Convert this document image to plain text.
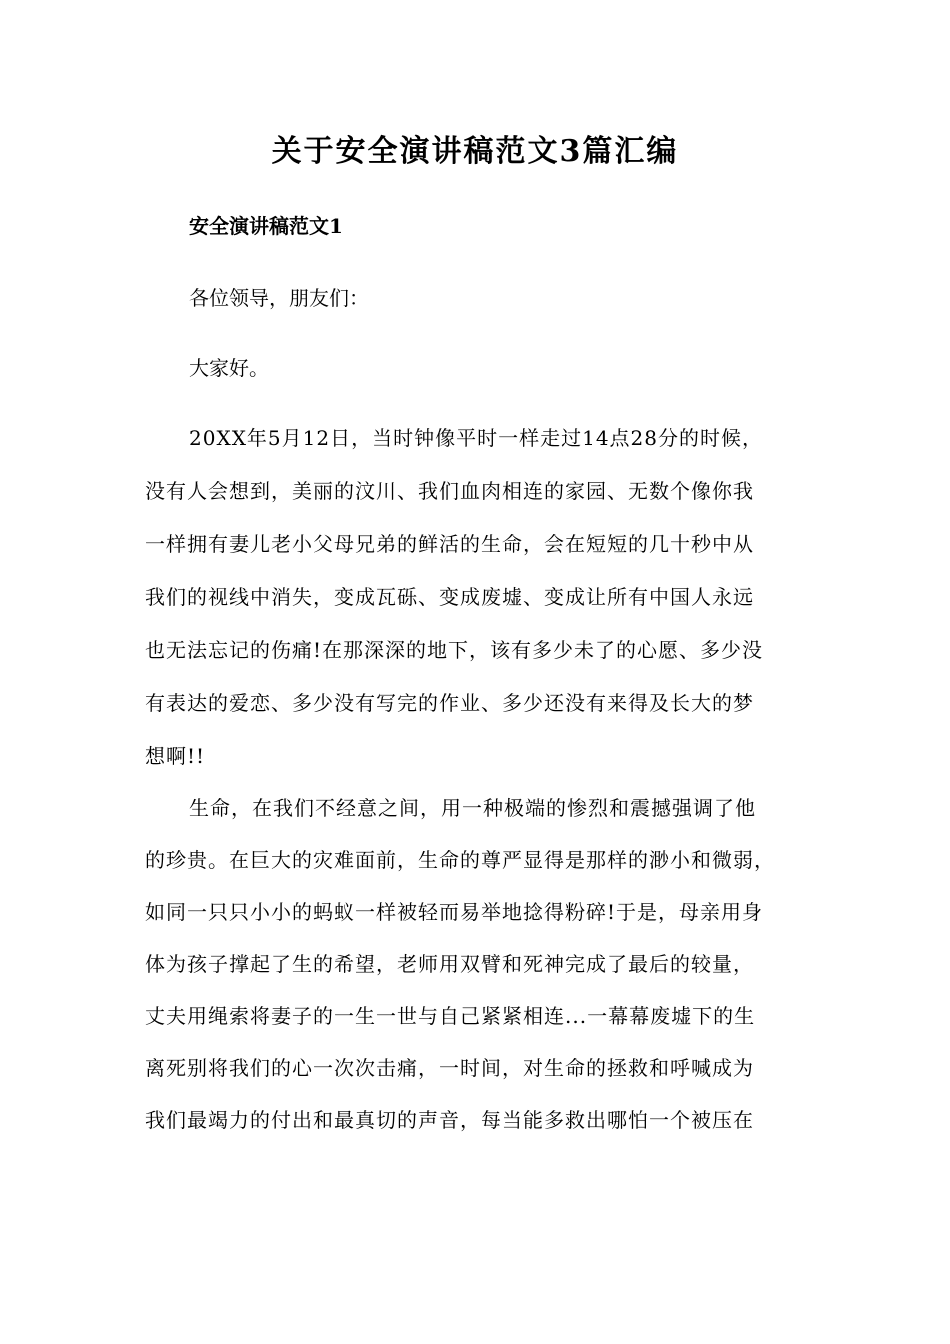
关于安全演讲稿范文3篇汇编
安全演讲稿范文1

各位领导，朋友们：

大家好。

20XX年5月12日，当时钟像平时一样走过14点28分的时候，
没有人会想到，美丽的汶川、我们血肉相连的家园、无数个像你我
一样拥有妻儿老小父母兄弟的鲜活的生命，会在短短的几十秒中从
我们的视线中消失，变成瓦砾、变成废墟、变成让所有中国人永远
也无法忘记的伤痛!在那深深的地下，该有多少未了的心愿、多少没
有表达的爱恋、多少没有写完的作业、多少还没有来得及长大的梦
想啊!!
生命，在我们不经意之间，用一种极端的惨烈和震撼强调了他
的珍贵。在巨大的灾难面前，生命的尊严显得是那样的渺小和微弱，
如同一只只小小的蚂蚁一样被轻而易举地捻得粉碎!于是，母亲用身
体为孩子撑起了生的希望，老师用双臂和死神完成了最后的较量，
丈夫用绳索将妻子的一生一世与自己紧紧相连...一幕幕废墟下的生
离死别将我们的心一次次击痛，一时间，对生命的拯救和呼喊成为
我们最竭力的付出和最真切的声音，每当能多救出哪怕一个被压在
